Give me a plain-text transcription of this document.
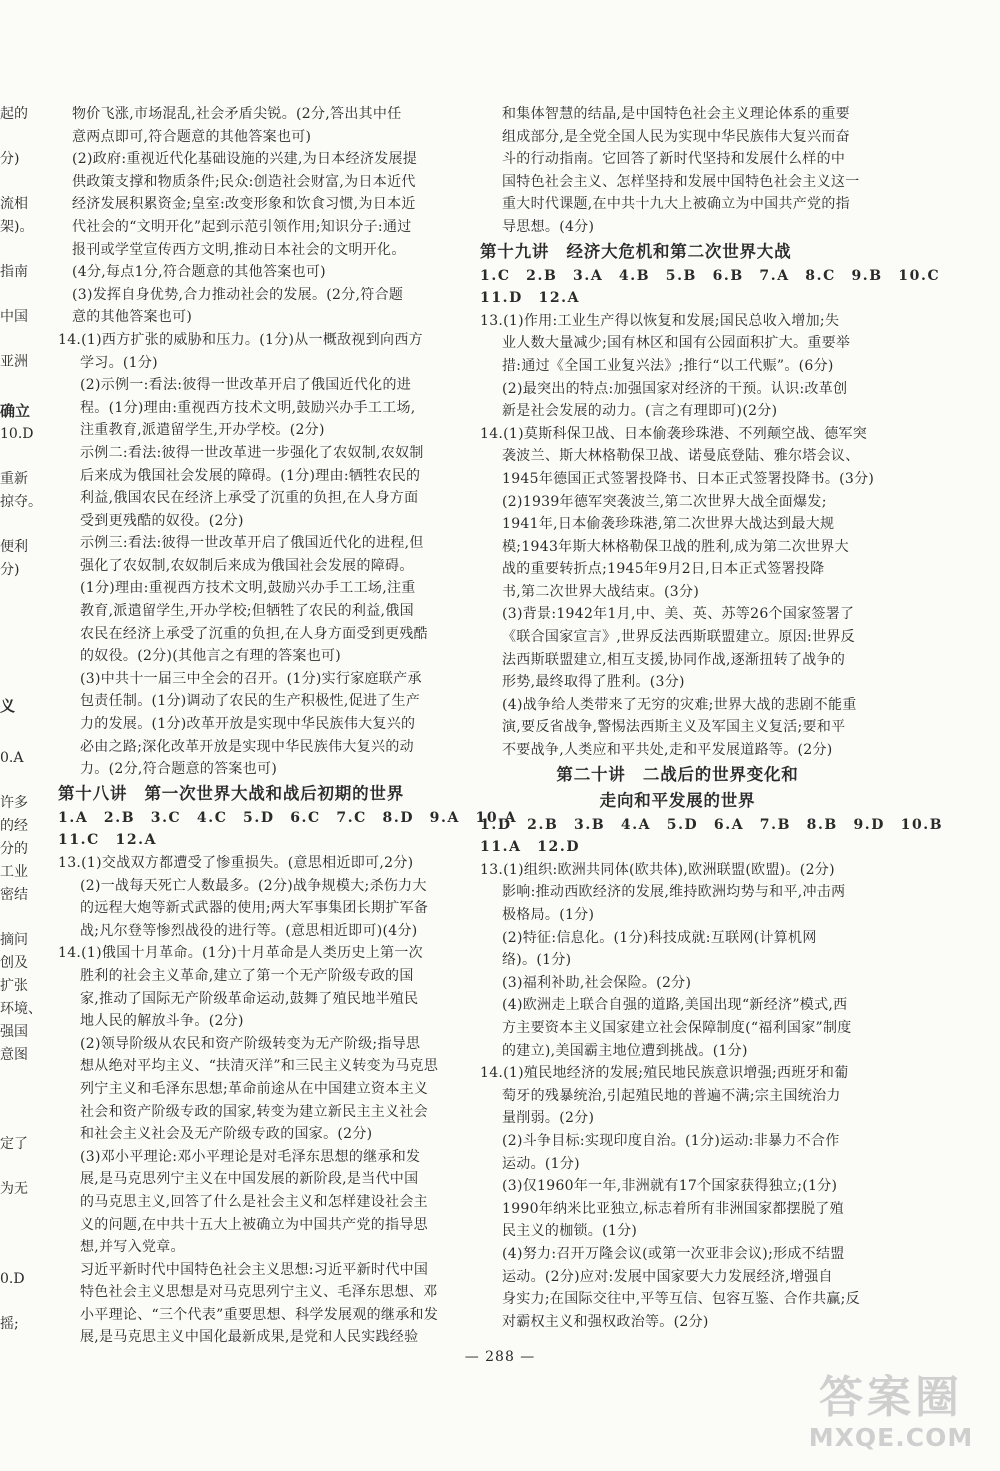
起的
分)
流相
架)。
指南
中国
亚洲
确立
10.D
重新
掠夺。
便利
分)
义
0.A
许多
的经
分的
工业
密结
摘问
创及
扩张
环境、
强国
意图
定了
为无
0.D
摇;
物价飞涨,市场混乱,社会矛盾尖锐。(2分,答出其中任
意两点即可,符合题意的其他答案也可)
(2)政府:重视近代化基础设施的兴建,为日本经济发展提
供政策支撑和物质条件;民众:创造社会财富,为日本近代
经济发展积累资金;皇室:改变形象和饮食习惯,为日本近
代社会的“文明开化”起到示范引领作用;知识分子:通过
报刊或学堂宣传西方文明,推动日本社会的文明开化。
(4分,每点1分,符合题意的其他答案也可)
(3)发挥自身优势,合力推动社会的发展。(2分,符合题
意的其他答案也可)
14.(1)西方扩张的威胁和压力。(1分)从一概敌视到向西方
学习。(1分)
(2)示例一:看法:彼得一世改革开启了俄国近代化的进
程。(1分)理由:重视西方技术文明,鼓励兴办手工工场,
注重教育,派遣留学生,开办学校。(2分)
示例二:看法:彼得一世改革进一步强化了农奴制,农奴制
后来成为俄国社会发展的障碍。(1分)理由:牺牲农民的
利益,俄国农民在经济上承受了沉重的负担,在人身方面
受到更残酷的奴役。(2分)
示例三:看法:彼得一世改革开启了俄国近代化的进程,但
强化了农奴制,农奴制后来成为俄国社会发展的障碍。
(1分)理由:重视西方技术文明,鼓励兴办手工工场,注重
教育,派遣留学生,开办学校;但牺牲了农民的利益,俄国
农民在经济上承受了沉重的负担,在人身方面受到更残酷
的奴役。(2分)(其他言之有理的答案也可)
(3)中共十一届三中全会的召开。(1分)实行家庭联产承
包责任制。(1分)调动了农民的生产积极性,促进了生产
力的发展。(1分)改革开放是实现中华民族伟大复兴的
必由之路;深化改革开放是实现中华民族伟大复兴的动
力。(2分,符合题意的答案也可)
第十八讲　第一次世界大战和战后初期的世界
1.A　2.B　3.C　4.C　5.D　6.C　7.C　8.D　9.A　10.A
11.C　12.A
13.(1)交战双方都遭受了惨重损失。(意思相近即可,2分)
(2)一战每天死亡人数最多。(2分)战争规模大;杀伤力大
的远程大炮等新式武器的使用;两大军事集团长期扩军备
战;凡尔登等惨烈战役的进行等。(意思相近即可)(4分)
14.(1)俄国十月革命。(1分)十月革命是人类历史上第一次
胜利的社会主义革命,建立了第一个无产阶级专政的国
家,推动了国际无产阶级革命运动,鼓舞了殖民地半殖民
地人民的解放斗争。(2分)
(2)领导阶级从农民和资产阶级转变为无产阶级;指导思
想从绝对平均主义、“扶清灭洋”和三民主义转变为马克思
列宁主义和毛泽东思想;革命前途从在中国建立资本主义
社会和资产阶级专政的国家,转变为建立新民主主义社会
和社会主义社会及无产阶级专政的国家。(2分)
(3)邓小平理论:邓小平理论是对毛泽东思想的继承和发
展,是马克思列宁主义在中国发展的新阶段,是当代中国
的马克思主义,回答了什么是社会主义和怎样建设社会主
义的问题,在中共十五大上被确立为中国共产党的指导思
想,并写入党章。
习近平新时代中国特色社会主义思想:习近平新时代中国
特色社会主义思想是对马克思列宁主义、毛泽东思想、邓
小平理论、“三个代表”重要思想、科学发展观的继承和发
展,是马克思主义中国化最新成果,是党和人民实践经验
和集体智慧的结晶,是中国特色社会主义理论体系的重要
组成部分,是全党全国人民为实现中华民族伟大复兴而奋
斗的行动指南。它回答了新时代坚持和发展什么样的中
国特色社会主义、怎样坚持和发展中国特色社会主义这一
重大时代课题,在中共十九大上被确立为中国共产党的指
导思想。(4分)
第十九讲　经济大危机和第二次世界大战
1.C　2.B　3.A　4.B　5.B　6.B　7.A　8.C　9.B　10.C
11.D　12.A
13.(1)作用:工业生产得以恢复和发展;国民总收入增加;失
业人数大量减少;国有林区和国有公园面积扩大。重要举
措:通过《全国工业复兴法》;推行“以工代赈”。(6分)
(2)最突出的特点:加强国家对经济的干预。认识:改革创
新是社会发展的动力。(言之有理即可)(2分)
14.(1)莫斯科保卫战、日本偷袭珍珠港、不列颠空战、德军突
袭波兰、斯大林格勒保卫战、诺曼底登陆、雅尔塔会议、
1945年德国正式签署投降书、日本正式签署投降书。(3分)
(2)1939年德军突袭波兰,第二次世界大战全面爆发;
1941年,日本偷袭珍珠港,第二次世界大战达到最大规
模;1943年斯大林格勒保卫战的胜利,成为第二次世界大
战的重要转折点;1945年9月2日,日本正式签署投降
书,第二次世界大战结束。(3分)
(3)背景:1942年1月,中、美、英、苏等26个国家签署了
《联合国家宣言》,世界反法西斯联盟建立。原因:世界反
法西斯联盟建立,相互支援,协同作战,逐渐扭转了战争的
形势,最终取得了胜利。(3分)
(4)战争给人类带来了无穷的灾难;世界大战的悲剧不能重
演,要反省战争,警惕法西斯主义及军国主义复活;要和平
不要战争,人类应和平共处,走和平发展道路等。(2分)
第二十讲　二战后的世界变化和
走向和平发展的世界
1.D　2.B　3.B　4.A　5.D　6.A　7.B　8.B　9.D　10.B
11.A　12.D
13.(1)组织:欧洲共同体(欧共体),欧洲联盟(欧盟)。(2分)
影响:推动西欧经济的发展,维持欧洲均势与和平,冲击两
极格局。(1分)
(2)特征:信息化。(1分)科技成就:互联网(计算机网
络)。(1分)
(3)福利补助,社会保险。(2分)
(4)欧洲走上联合自强的道路,美国出现“新经济”模式,西
方主要资本主义国家建立社会保障制度(“福利国家”制度
的建立),美国霸主地位遭到挑战。(1分)
14.(1)殖民地经济的发展;殖民地民族意识增强;西班牙和葡
萄牙的残暴统治,引起殖民地的普遍不满;宗主国统治力
量削弱。(2分)
(2)斗争目标:实现印度自治。(1分)运动:非暴力不合作
运动。(1分)
(3)仅1960年一年,非洲就有17个国家获得独立;(1分)
1990年纳米比亚独立,标志着所有非洲国家都摆脱了殖
民主义的枷锁。(1分)
(4)努力:召开万隆会议(或第一次亚非会议);形成不结盟
运动。(2分)应对:发展中国家要大力发展经济,增强自
身实力;在国际交往中,平等互信、包容互鉴、合作共赢;反
对霸权主义和强权政治等。(2分)
— 288 —
答案圈
MXQE.COM
